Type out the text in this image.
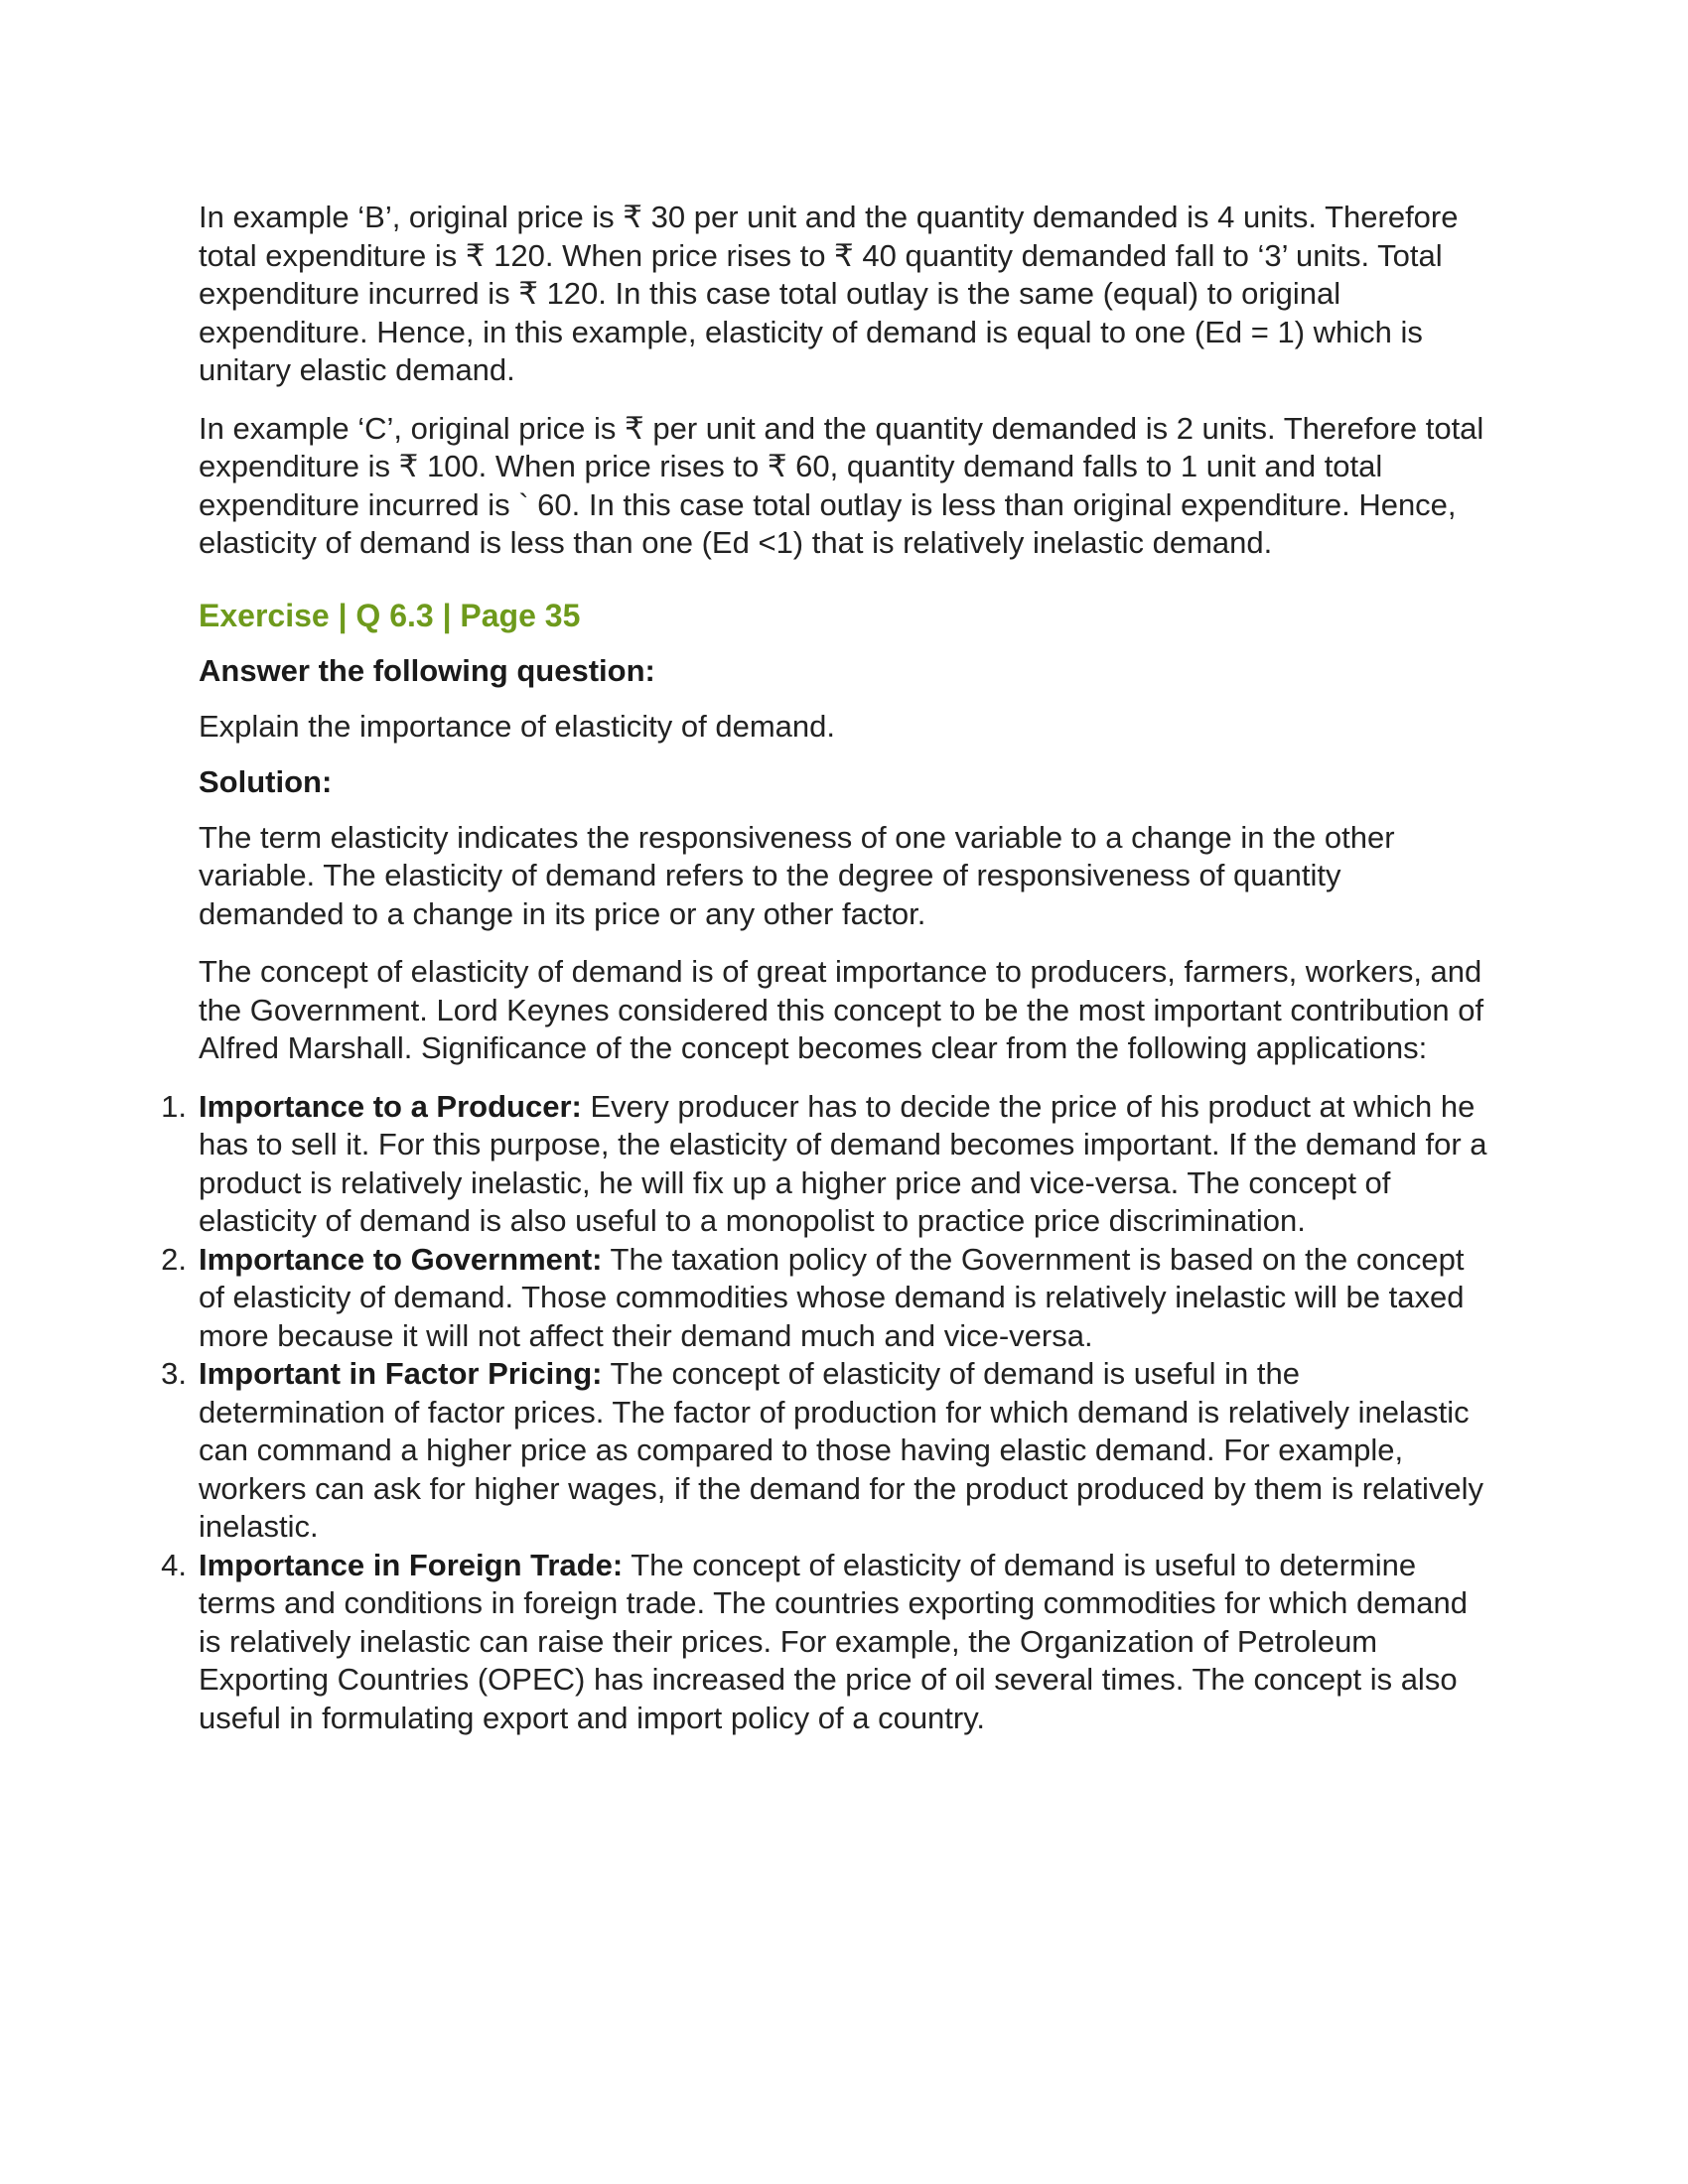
In example ‘B’, original price is ₹ 30 per unit and the quantity demanded is 4 units. Therefore total expenditure is ₹ 120. When price rises to ₹ 40 quantity demanded fall to ‘3’ units. Total expenditure incurred is ₹ 120. In this case total outlay is the same (equal) to original expenditure. Hence, in this example, elasticity of demand is equal to one (Ed = 1) which is unitary elastic demand.

In example ‘C’, original price is ₹ per unit and the quantity demanded is 2 units. Therefore total expenditure is ₹ 100. When price rises to ₹ 60, quantity demand falls to 1 unit and total expenditure incurred is ` 60. In this case total outlay is less than original expenditure. Hence, elasticity of demand is less than one (Ed <1) that is relatively inelastic demand.

Exercise | Q 6.3 | Page 35
Answer the following question:
Explain the importance of elasticity of demand.
Solution:

The term elasticity indicates the responsiveness of one variable to a change in the other variable. The elasticity of demand refers to the degree of responsiveness of quantity demanded to a change in its price or any other factor.

The concept of elasticity of demand is of great importance to producers, farmers, workers, and the Government. Lord Keynes considered this concept to be the most important contribution of Alfred Marshall. Significance of the concept becomes clear from the following applications:

1. Importance to a Producer: Every producer has to decide the price of his product at which he has to sell it. For this purpose, the elasticity of demand becomes important. If the demand for a product is relatively inelastic, he will fix up a higher price and vice-versa. The concept of elasticity of demand is also useful to a monopolist to practice price discrimination.
2. Importance to Government: The taxation policy of the Government is based on the concept of elasticity of demand. Those commodities whose demand is relatively inelastic will be taxed more because it will not affect their demand much and vice-versa.
3. Important in Factor Pricing: The concept of elasticity of demand is useful in the determination of factor prices. The factor of production for which demand is relatively inelastic can command a higher price as compared to those having elastic demand. For example, workers can ask for higher wages, if the demand for the product produced by them is relatively inelastic.
4. Importance in Foreign Trade: The concept of elasticity of demand is useful to determine terms and conditions in foreign trade. The countries exporting commodities for which demand is relatively inelastic can raise their prices. For example, the Organization of Petroleum Exporting Countries (OPEC) has increased the price of oil several times. The concept is also useful in formulating export and import policy of a country.
